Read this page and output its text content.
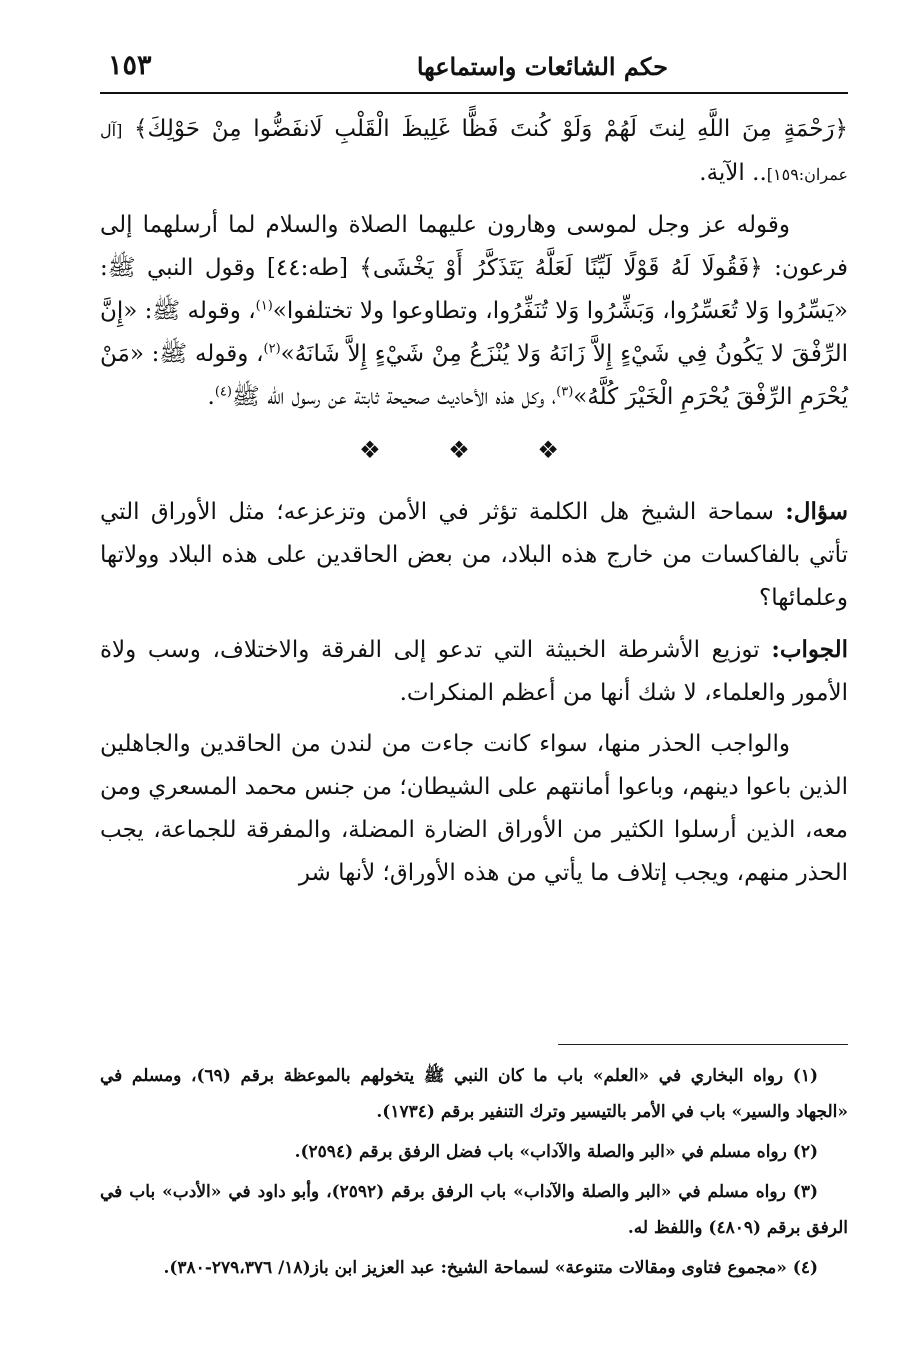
حكم الشائعات واستماعها
١٥٣

﴿رَحْمَةٍ مِنَ اللَّهِ لِنتَ لَهُمْ وَلَوْ كُنتَ فَظًّا غَلِيظَ الْقَلْبِ لَانفَضُّوا مِنْ حَوْلِكَ﴾ [آل عمران:١٥٩].. الآية.

وقوله عز وجل لموسى وهارون عليهما الصلاة والسلام لما أرسلهما إلى فرعون: ﴿فَقُولَا لَهُ قَوْلًا لَيِّنًا لَعَلَّهُ يَتَذَكَّرُ أَوْ يَخْشَى﴾ [طه:٤٤] وقول النبي ﷺ: «يَسِّرُوا وَلا تُعَسِّرُوا، وَبَشِّرُوا وَلا تُنَفِّرُوا، وتطاوعوا ولا تختلفوا»$^{(١)}$، وقوله ﷺ: «إِنَّ الرِّفْقَ لا يَكُونُ فِي شَيْءٍ إِلاَّ زَانَهُ وَلا يُنْزَعُ مِنْ شَيْءٍ إِلاَّ شَانَهُ»$^{(٢)}$، وقوله ﷺ: «مَنْ يُحْرَمِ الرِّفْقَ يُحْرَمِ الْخَيْرَ كُلَّهُ»$^{(٣)}$، وكل هذه الأحاديث صحيحة ثابتة عن رسول الله ﷺ$^{(٤)}$.

❖ ❖ ❖

سؤال: سماحة الشيخ هل الكلمة تؤثر في الأمن وتزعزعه؛ مثل الأوراق التي تأتي بالفاكسات من خارج هذه البلاد، من بعض الحاقدين على هذه البلاد وولاتها وعلمائها؟

الجواب: توزيع الأشرطة الخبيثة التي تدعو إلى الفرقة والاختلاف، وسب ولاة الأمور والعلماء، لا شك أنها من أعظم المنكرات.

والواجب الحذر منها، سواء كانت جاءت من لندن من الحاقدين والجاهلين الذين باعوا دينهم، وباعوا أمانتهم على الشيطان؛ من جنس محمد المسعري ومن معه، الذين أرسلوا الكثير من الأوراق الضارة المضلة، والمفرقة للجماعة، يجب الحذر منهم، ويجب إتلاف ما يأتي من هذه الأوراق؛ لأنها شر

(١) رواه البخاري في «العلم» باب ما كان النبي ﷺ يتخولهم بالموعظة برقم (٦٩)، ومسلم في «الجهاد والسير» باب في الأمر بالتيسير وترك التنفير برقم (١٧٣٤).

(٢) رواه مسلم في «البر والصلة والآداب» باب فضل الرفق برقم (٢٥٩٤).

(٣) رواه مسلم في «البر والصلة والآداب» باب الرفق برقم (٢٥٩٢)، وأبو داود في «الأدب» باب في الرفق برقم (٤٨٠٩) واللفظ له.

(٤) «مجموع فتاوى ومقالات متنوعة» لسماحة الشيخ: عبد العزيز ابن باز(١٨/ ٢٧٩،٣٧٦-٣٨٠).
